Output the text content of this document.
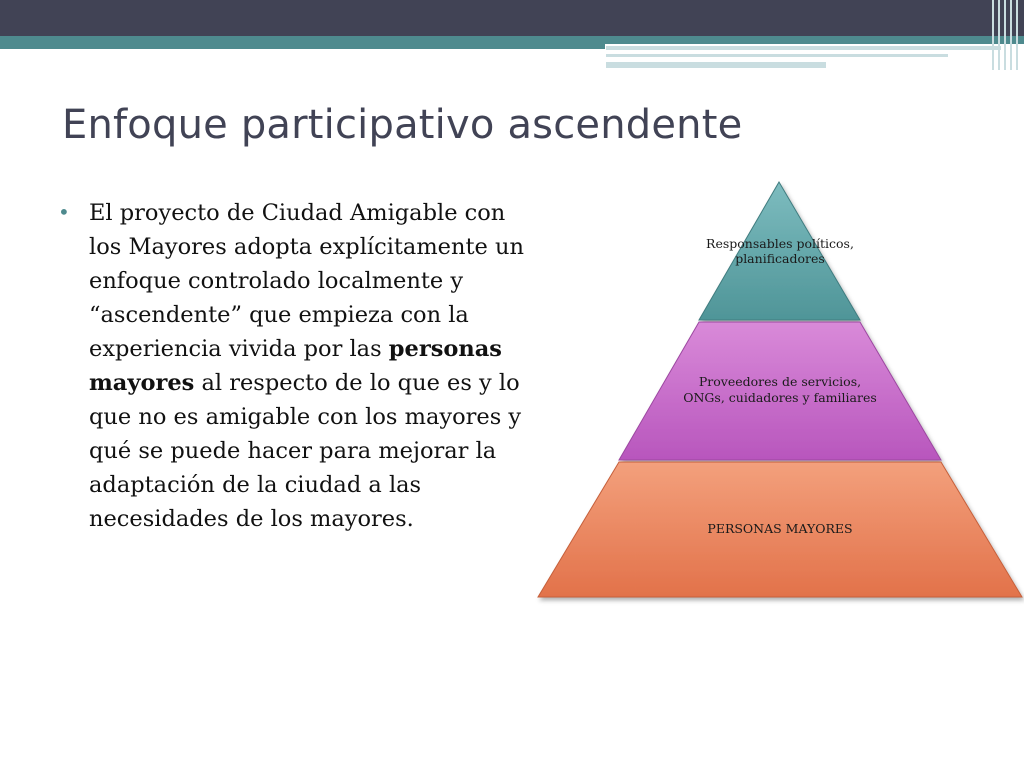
Enfoque participativo ascendente
• El proyecto de Ciudad Amigable con los Mayores adopta explícitamente un enfoque controlado localmente y “ascendente” que empieza con la experiencia vivida por las personas mayores al respecto de lo que es y lo que no es amigable con los mayores y qué se puede hacer para mejorar la adaptación de la ciudad a las necesidades de los mayores.

Responsables políticos,
planificadores
Proveedores de servicios,
ONGs, cuidadores y familiares
PERSONAS MAYORES
